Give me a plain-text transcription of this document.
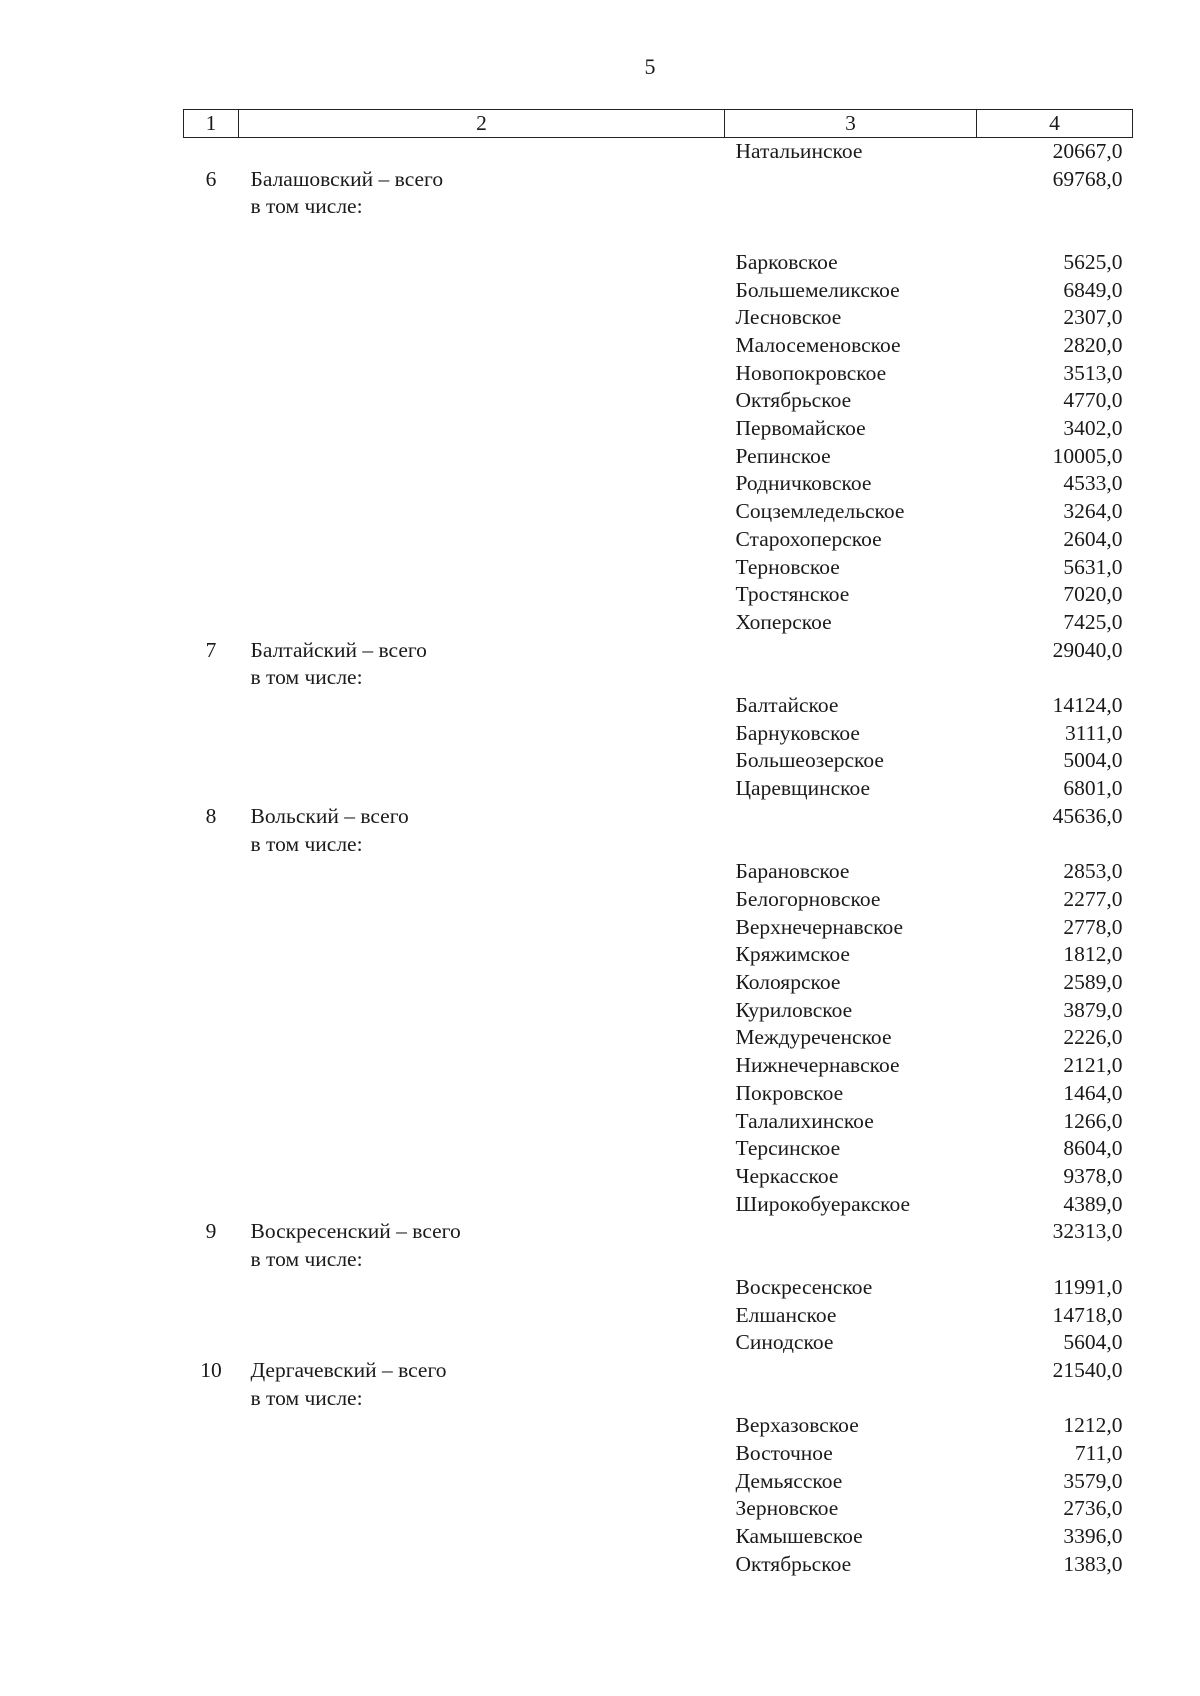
5
1	2	3	4
		Натальинское	20667,0
6	Балашовский – всего		69768,0
	в том числе:		

		Барковское	5625,0
		Большемеликское	6849,0
		Лесновское	2307,0
		Малосеменовское	2820,0
		Новопокровское	3513,0
		Октябрьское	4770,0
		Первомайское	3402,0
		Репинское	10005,0
		Родничковское	4533,0
		Соцземледельское	3264,0
		Старохоперское	2604,0
		Терновское	5631,0
		Тростянское	7020,0
		Хоперское	7425,0
7	Балтайский – всего		29040,0
	в том числе:		
		Балтайское	14124,0
		Барнуковское	3111,0
		Большеозерское	5004,0
		Царевщинское	6801,0
8	Вольский – всего		45636,0
	в том числе:		
		Барановское	2853,0
		Белогорновское	2277,0
		Верхнечернавское	2778,0
		Кряжимское	1812,0
		Колоярское	2589,0
		Куриловское	3879,0
		Междуреченское	2226,0
		Нижнечернавское	2121,0
		Покровское	1464,0
		Талалихинское	1266,0
		Терсинское	8604,0
		Черкасское	9378,0
		Широкобуеракское	4389,0
9	Воскресенский – всего		32313,0
	в том числе:		
		Воскресенское	11991,0
		Елшанское	14718,0
		Синодское	5604,0
10	Дергачевский – всего		21540,0
	в том числе:		
		Верхазовское	1212,0
		Восточное	711,0
		Демьясское	3579,0
		Зерновское	2736,0
		Камышевское	3396,0
		Октябрьское	1383,0
